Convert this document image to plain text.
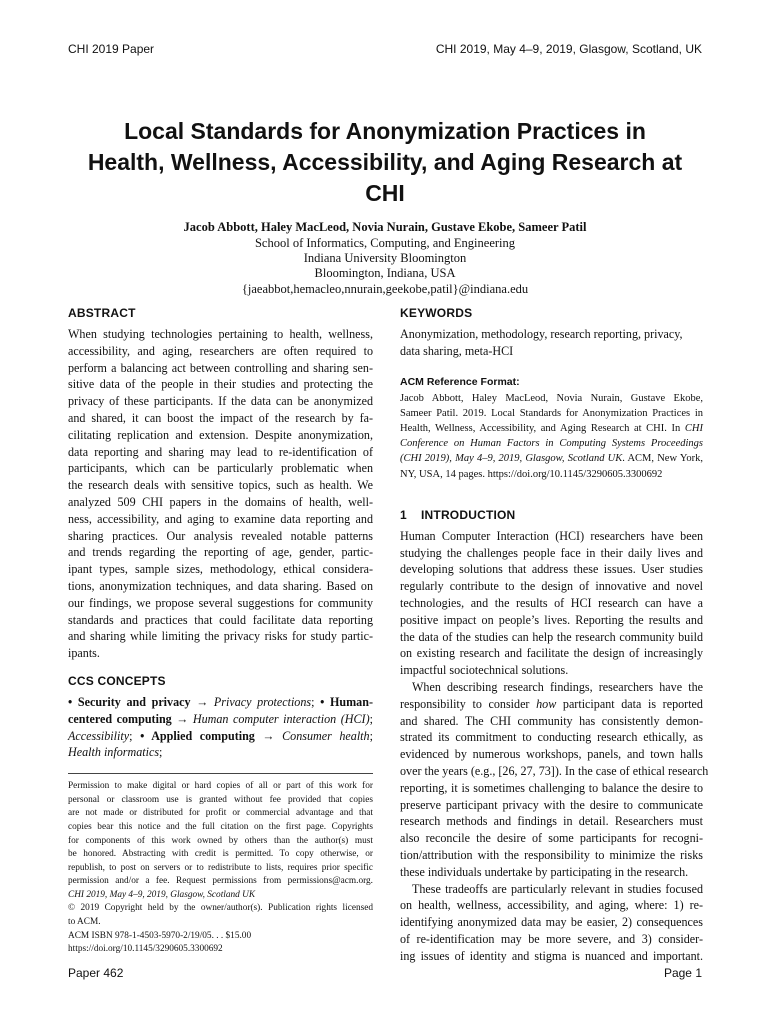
CHI 2019 Paper	CHI 2019, May 4–9, 2019, Glasgow, Scotland, UK
Local Standards for Anonymization Practices in
Health, Wellness, Accessibility, and Aging Research at
CHI
Jacob Abbott, Haley MacLeod, Novia Nurain, Gustave Ekobe, Sameer Patil
School of Informatics, Computing, and Engineering
Indiana University Bloomington
Bloomington, Indiana, USA
{jaeabbot,hemacleo,nnurain,geekobe,patil}@indiana.edu
ABSTRACT
When studying technologies pertaining to health, wellness,
accessibility, and aging, researchers are often required to
perform a balancing act between controlling and sharing sen-
sitive data of the people in their studies and protecting the
privacy of these participants. If the data can be anonymized
and shared, it can boost the impact of the research by fa-
cilitating replication and extension. Despite anonymization,
data reporting and sharing may lead to re-identification of
participants, which can be particularly problematic when
the research deals with sensitive topics, such as health. We
analyzed 509 CHI papers in the domains of health, well-
ness, accessibility, and aging to examine data reporting and
sharing practices. Our analysis revealed notable patterns
and trends regarding the reporting of age, gender, partic-
ipant types, sample sizes, methodology, ethical considera-
tions, anonymization techniques, and data sharing. Based on
our findings, we propose several suggestions for community
standards and practices that could facilitate data reporting
and sharing while limiting the privacy risks for study partic-
ipants.
CCS CONCEPTS
• Security and privacy → Privacy protections; • Human-
centered computing → Human computer interaction (HCI);
Accessibility; • Applied computing → Consumer health;
Health informatics;
Permission to make digital or hard copies of all or part of this work for
personal or classroom use is granted without fee provided that copies
are not made or distributed for profit or commercial advantage and that
copies bear this notice and the full citation on the first page. Copyrights
for components of this work owned by others than the author(s) must
be honored. Abstracting with credit is permitted. To copy otherwise, or
republish, to post on servers or to redistribute to lists, requires prior specific
permission and/or a fee. Request permissions from permissions@acm.org.
CHI 2019, May 4–9, 2019, Glasgow, Scotland UK
© 2019 Copyright held by the owner/author(s). Publication rights licensed
to ACM.
ACM ISBN 978-1-4503-5970-2/19/05. . . $15.00
https://doi.org/10.1145/3290605.3300692
KEYWORDS
Anonymization, methodology, research reporting, privacy,
data sharing, meta-HCI
ACM Reference Format:
Jacob Abbott, Haley MacLeod, Novia Nurain, Gustave Ekobe,
Sameer Patil. 2019. Local Standards for Anonymization Practices in
Health, Wellness, Accessibility, and Aging Research at CHI. In CHI
Conference on Human Factors in Computing Systems Proceedings
(CHI 2019), May 4–9, 2019, Glasgow, Scotland UK. ACM, New York,
NY, USA, 14 pages. https://doi.org/10.1145/3290605.3300692
1    INTRODUCTION
Human Computer Interaction (HCI) researchers have been
studying the challenges people face in their daily lives and
developing solutions that address these issues. User studies
regularly contribute to the design of innovative and novel
technologies, and the results of HCI research can have a
positive impact on people’s lives. Reporting the results and
the data of the studies can help the research community build
on existing research and facilitate the design of increasingly
impactful sociotechnical solutions.
When describing research findings, researchers have the
responsibility to consider how participant data is reported
and shared. The CHI community has consistently demon-
strated its commitment to conducting research ethically, as
evidenced by numerous workshops, panels, and town halls
over the years (e.g., [26, 27, 73]). In the case of ethical research
reporting, it is sometimes challenging to balance the desire to
preserve participant privacy with the desire to communicate
research methods and findings in detail. Researchers must
also reconcile the desire of some participants for recogni-
tion/attribution with the responsibility to minimize the risks
these individuals undertake by participating in the research.
These tradeoffs are particularly relevant in studies focused
on health, wellness, accessibility, and aging, where: 1) re-
identifying anonymized data may be easier, 2) consequences
of re-identification may be more severe, and 3) consider-
ing issues of identity and stigma is nuanced and important.
Paper 462	Page 1
